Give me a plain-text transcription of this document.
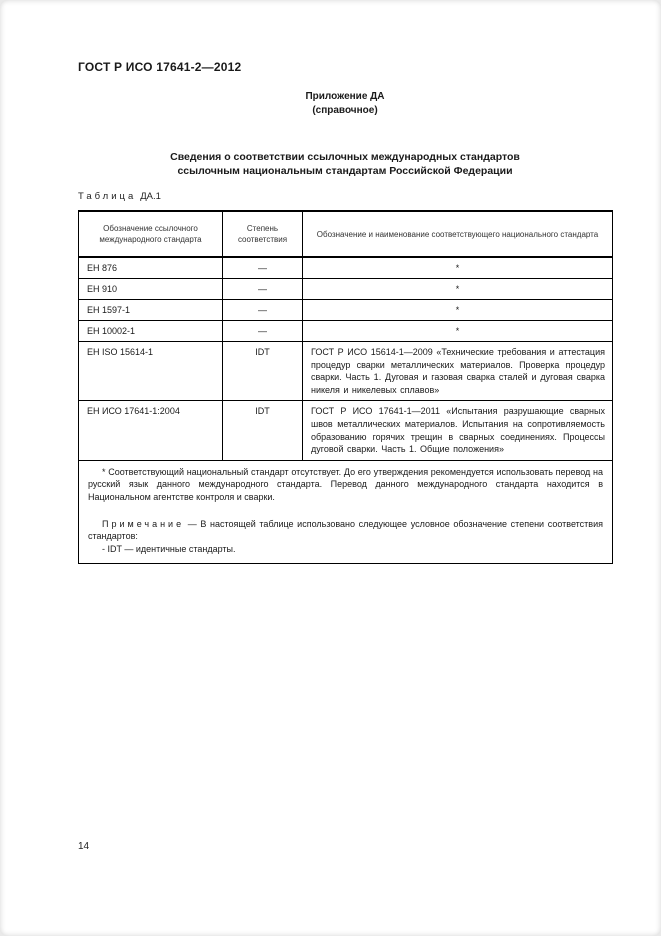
ГОСТ Р ИСО 17641-2—2012
Приложение ДА
(справочное)
Сведения о соответствии ссылочных международных стандартов
ссылочным национальным стандартам Российской Федерации
Таблица ДА.1
Обозначение ссылочного международного стандарта	Степень соответствия	Обозначение и наименование соответствующего национального стандарта
ЕН 876	—	*
ЕН 910	—	*
ЕН 1597-1	—	*
ЕН 10002-1	—	*
ЕН ISO 15614-1	IDT	ГОСТ Р ИСО 15614-1—2009 «Технические требования и аттестация процедур сварки металлических материалов. Проверка процедур сварки. Часть 1. Дуговая и газовая сварка сталей и дуговая сварка никеля и никелевых сплавов»
ЕН ИСО 17641-1:2004	IDT	ГОСТ Р ИСО 17641-1—2011 «Испытания разрушающие сварных швов металлических материалов. Испытания на сопротивляемость образованию горячих трещин в сварных соединениях. Процессы дуговой сварки. Часть 1. Общие положения»

* Соответствующий национальный стандарт отсутствует. До его утверждения рекомендуется использовать перевод на русский язык данного международного стандарта. Перевод данного международного стандарта находится в Национальном агентстве контроля и сварки.

Примечание — В настоящей таблице использовано следующее условное обозначение степени соответствия стандартов:

- IDT — идентичные стандарты.		

14
